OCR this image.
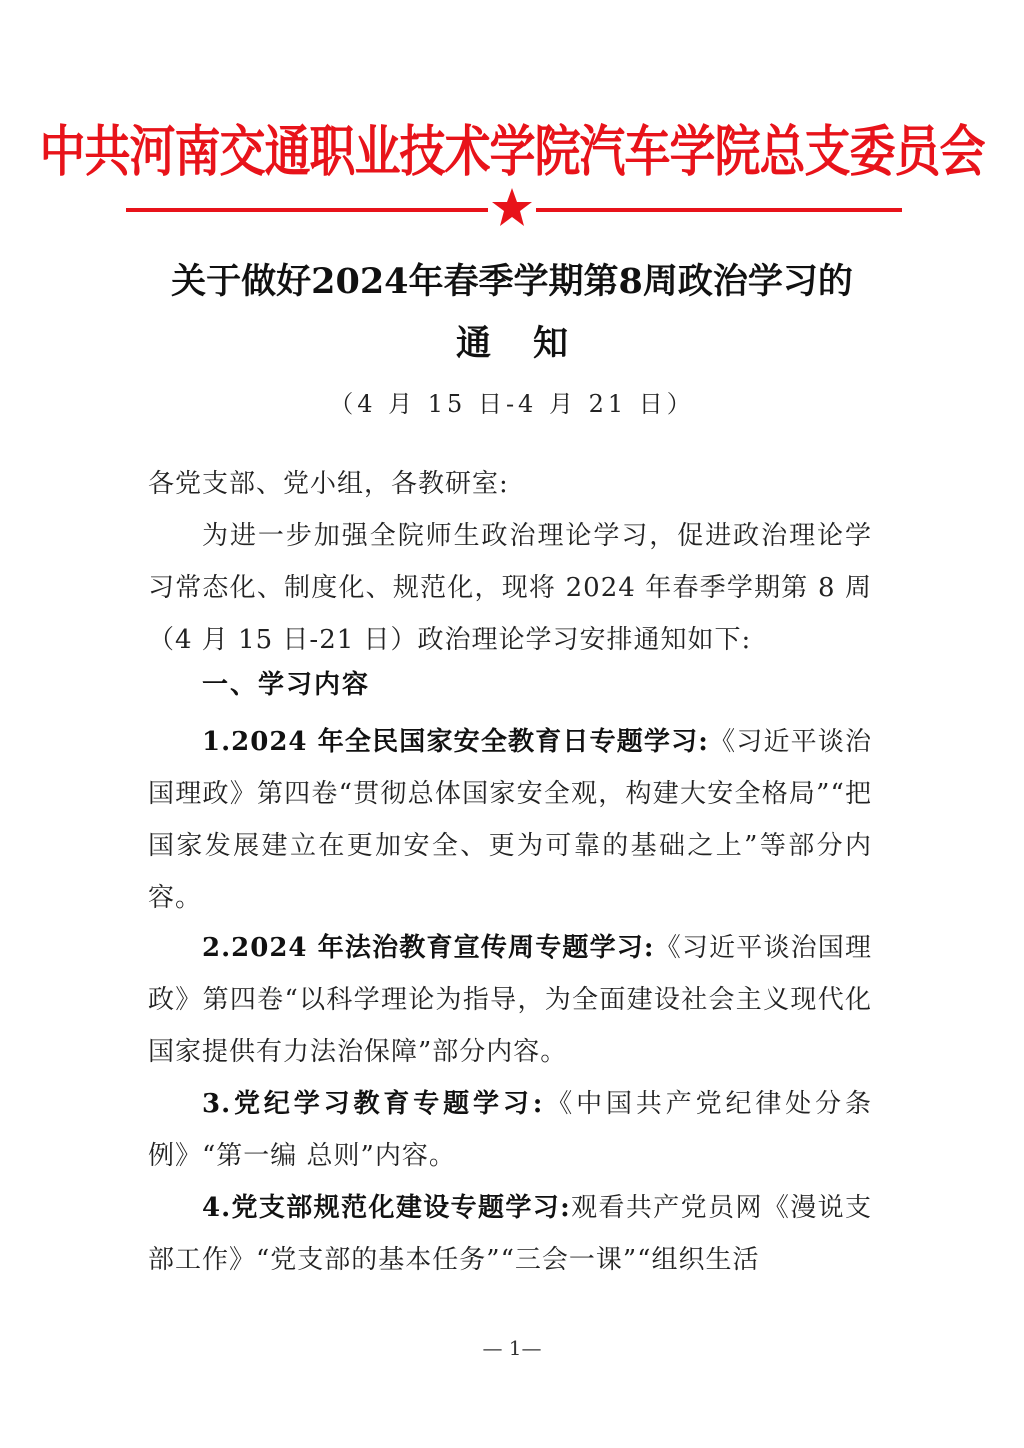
中共河南交通职业技术学院汽车学院总支委员会
关于做好2024年春季学期第8周政治学习的
通知
（4 月 15 日-4 月 21 日）
各党支部、党小组，各教研室:
为进一步加强全院师生政治理论学习，促进政治理论学习常态化、制度化、规范化，现将 2024 年春季学期第 8 周（4 月 15 日-21 日）政治理论学习安排通知如下:
一、学习内容
1.2024 年全民国家安全教育日专题学习:《习近平谈治国理政》第四卷“贯彻总体国家安全观，构建大安全格局”“把国家发展建立在更加安全、更为可靠的基础之上”等部分内容。
2.2024 年法治教育宣传周专题学习:《习近平谈治国理政》第四卷“以科学理论为指导，为全面建设社会主义现代化国家提供有力法治保障”部分内容。
3.党纪学习教育专题学习:《中国共产党纪律处分条例》“第一编 总则”内容。
4.党支部规范化建设专题学习:观看共产党员网《漫说支部工作》“党支部的基本任务”“三会一课”“组织生活
— 1—
